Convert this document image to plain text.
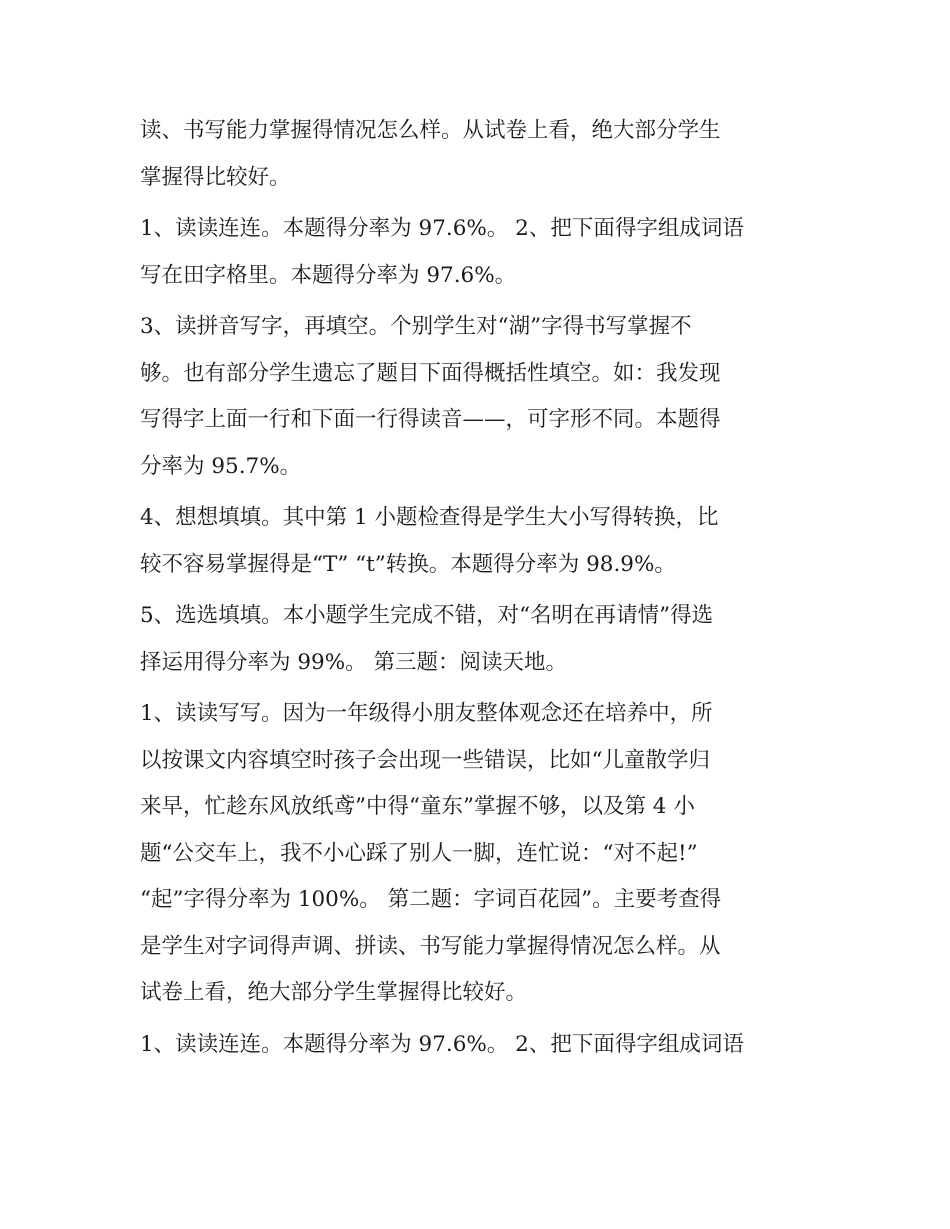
读、书写能力掌握得情况怎么样。从试卷上看，绝大部分学生
掌握得比较好。
1、读读连连。本题得分率为 97.6%。 2、把下面得字组成词语
写在田字格里。本题得分率为 97.6%。
3、读拼音写字，再填空。个别学生对“湖”字得书写掌握不
够。也有部分学生遗忘了题目下面得概括性填空。如：我发现
写得字上面一行和下面一行得读音——，可字形不同。本题得
分率为 95.7%。
4、想想填填。其中第 1 小题检查得是学生大小写得转换，比
较不容易掌握得是“T” “t”转换。本题得分率为 98.9%。
5、选选填填。本小题学生完成不错，对“名明在再请情”得选
择运用得分率为 99%。 第三题：阅读天地。
1、读读写写。因为一年级得小朋友整体观念还在培养中，所
以按课文内容填空时孩子会出现一些错误，比如“儿童散学归
来早，忙趁东风放纸鸢”中得“童东”掌握不够，以及第 4 小
题“公交车上，我不小心踩了别人一脚，连忙说：“对不起!”
“起”字得分率为 100%。 第二题：字词百花园”。主要考查得
是学生对字词得声调、拼读、书写能力掌握得情况怎么样。从
试卷上看，绝大部分学生掌握得比较好。
1、读读连连。本题得分率为 97.6%。 2、把下面得字组成词语
